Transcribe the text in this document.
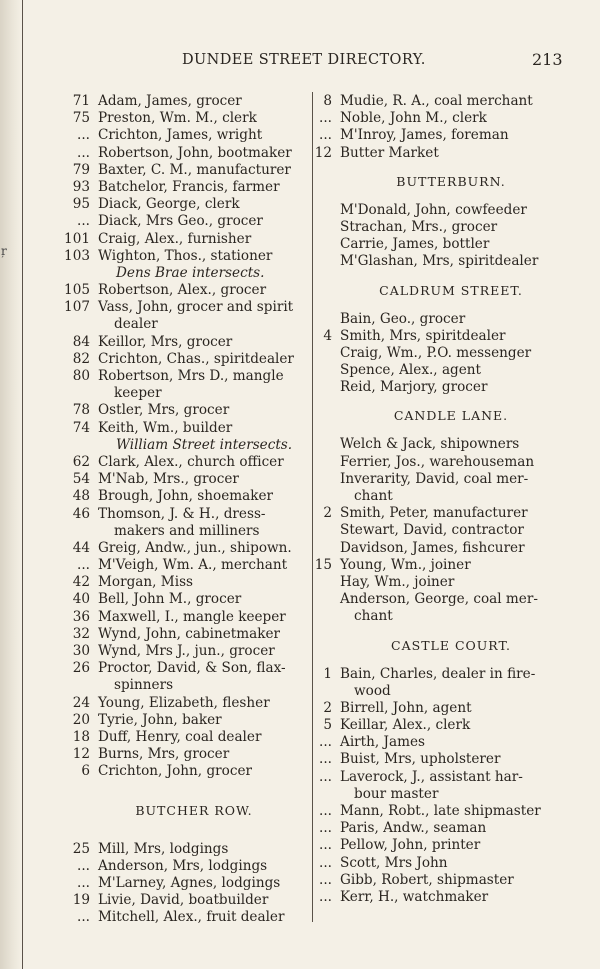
ŗ
DUNDEE STREET DIRECTORY.	213
71 Adam, James, grocer
75 Preston, Wm. M., clerk
... Crichton, James, wright
... Robertson, John, bootmaker
79 Baxter, C. M., manufacturer
93 Batchelor, Francis, farmer
95 Diack, George, clerk
... Diack, Mrs Geo., grocer
101 Craig, Alex., furnisher
103 Wighton, Thos., stationer
Dens Brae intersects.
105 Robertson, Alex., grocer
107 Vass, John, grocer and spirit
dealer
84 Keillor, Mrs, grocer
82 Crichton, Chas., spiritdealer
80 Robertson, Mrs D., mangle
keeper
78 Ostler, Mrs, grocer
74 Keith, Wm., builder
William Street intersects.
62 Clark, Alex., church officer
54 M'Nab, Mrs., grocer
48 Brough, John, shoemaker
46 Thomson, J. & H., dress-
makers and milliners
44 Greig, Andw., jun., shipown.
... M'Veigh, Wm. A., merchant
42 Morgan, Miss
40 Bell, John M., grocer
36 Maxwell, I., mangle keeper
32 Wynd, John, cabinetmaker
30 Wynd, Mrs J., jun., grocer
26 Proctor, David, & Son, flax-
spinners
24 Young, Elizabeth, flesher
20 Tyrie, John, baker
18 Duff, Henry, coal dealer
12 Burns, Mrs, grocer
6 Crichton, John, grocer
BUTCHER ROW.
25 Mill, Mrs, lodgings
... Anderson, Mrs, lodgings
... M'Larney, Agnes, lodgings
19 Livie, David, boatbuilder
... Mitchell, Alex., fruit dealer
8 Mudie, R. A., coal merchant
... Noble, John M., clerk
... M'Inroy, James, foreman
12 Butter Market
BUTTERBURN.
M'Donald, John, cowfeeder
Strachan, Mrs., grocer
Carrie, James, bottler
M'Glashan, Mrs, spiritdealer
CALDRUM STREET.
Bain, Geo., grocer
4 Smith, Mrs, spiritdealer
Craig, Wm., P.O. messenger
Spence, Alex., agent
Reid, Marjory, grocer
CANDLE LANE.
Welch & Jack, shipowners
Ferrier, Jos., warehouseman
Inverarity, David, coal mer-
chant
2 Smith, Peter, manufacturer
Stewart, David, contractor
Davidson, James, fishcurer
15 Young, Wm., joiner
Hay, Wm., joiner
Anderson, George, coal mer-
chant
CASTLE COURT.
1 Bain, Charles, dealer in fire-
wood
2 Birrell, John, agent
5 Keillar, Alex., clerk
... Airth, James
... Buist, Mrs, upholsterer
... Laverock, J., assistant har-
bour master
... Mann, Robt., late shipmaster
... Paris, Andw., seaman
... Pellow, John, printer
... Scott, Mrs John
... Gibb, Robert, shipmaster
... Kerr, H., watchmaker
